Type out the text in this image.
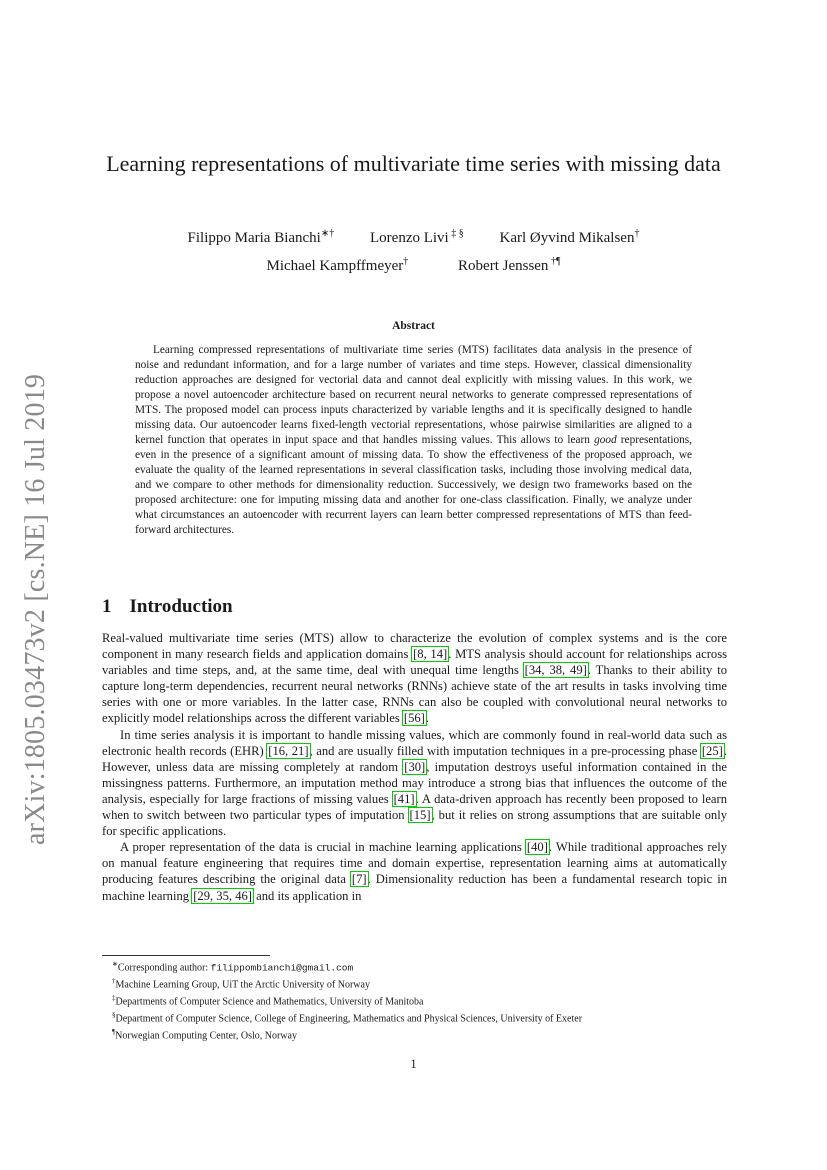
arXiv:1805.03473v2 [cs.NE] 16 Jul 2019
Learning representations of multivariate time series with missing data
Filippo Maria Bianchi∗† Lorenzo Livi ‡ § Karl Øyvind Mikalsen†
Michael Kampffmeyer†	Robert Jenssen †¶
Abstract
Learning compressed representations of multivariate time series (MTS) facilitates data analysis in the presence of noise and redundant information, and for a large number of variates and time steps. However, classical dimensionality reduction approaches are designed for vectorial data and cannot deal explicitly with missing values. In this work, we propose a novel autoencoder architecture based on recurrent neural networks to generate compressed representations of MTS. The proposed model can process inputs characterized by variable lengths and it is specifically designed to handle missing data. Our autoencoder learns fixed-length vectorial representations, whose pairwise similarities are aligned to a kernel function that operates in input space and that handles missing values. This allows to learn good representations, even in the presence of a significant amount of missing data. To show the effectiveness of the proposed approach, we evaluate the quality of the learned representations in several classification tasks, including those involving medical data, and we compare to other methods for dimensionality reduction. Successively, we design two frameworks based on the proposed architecture: one for imputing missing data and another for one-class classification. Finally, we analyze under what circumstances an autoencoder with recurrent layers can learn better compressed representations of MTS than feed-forward architectures.
1 Introduction

Real-valued multivariate time series (MTS) allow to characterize the evolution of complex systems and is the core component in many research fields and application domains [8, 14]. MTS analysis should account for relationships across variables and time steps, and, at the same time, deal with unequal time lengths [34, 38, 49]. Thanks to their ability to capture long-term dependencies, recurrent neural networks (RNNs) achieve state of the art results in tasks involving time series with one or more variables. In the latter case, RNNs can also be coupled with convolutional neural networks to explicitly model relationships across the different variables [56].

In time series analysis it is important to handle missing values, which are commonly found in real-world data such as electronic health records (EHR) [16, 21], and are usually filled with imputation techniques in a pre-processing phase [25]. However, unless data are missing completely at random [30], imputation destroys useful information contained in the missingness patterns. Furthermore, an imputation method may introduce a strong bias that influences the outcome of the analysis, especially for large fractions of missing values [41]. A data-driven approach has recently been proposed to learn when to switch between two particular types of imputation [15], but it relies on strong assumptions that are suitable only for specific applications.

A proper representation of the data is crucial in machine learning applications [40]. While traditional approaches rely on manual feature engineering that requires time and domain expertise, representation learning aims at automatically producing features describing the original data [7]. Dimensionality reduction has been a fundamental research topic in machine learning [29, 35, 46] and its application in

∗Corresponding author: filippombianchi@gmail.com
†Machine Learning Group, UiT the Arctic University of Norway
‡Departments of Computer Science and Mathematics, University of Manitoba
§Department of Computer Science, College of Engineering, Mathematics and Physical Sciences, University of Exeter
¶Norwegian Computing Center, Oslo, Norway
1
